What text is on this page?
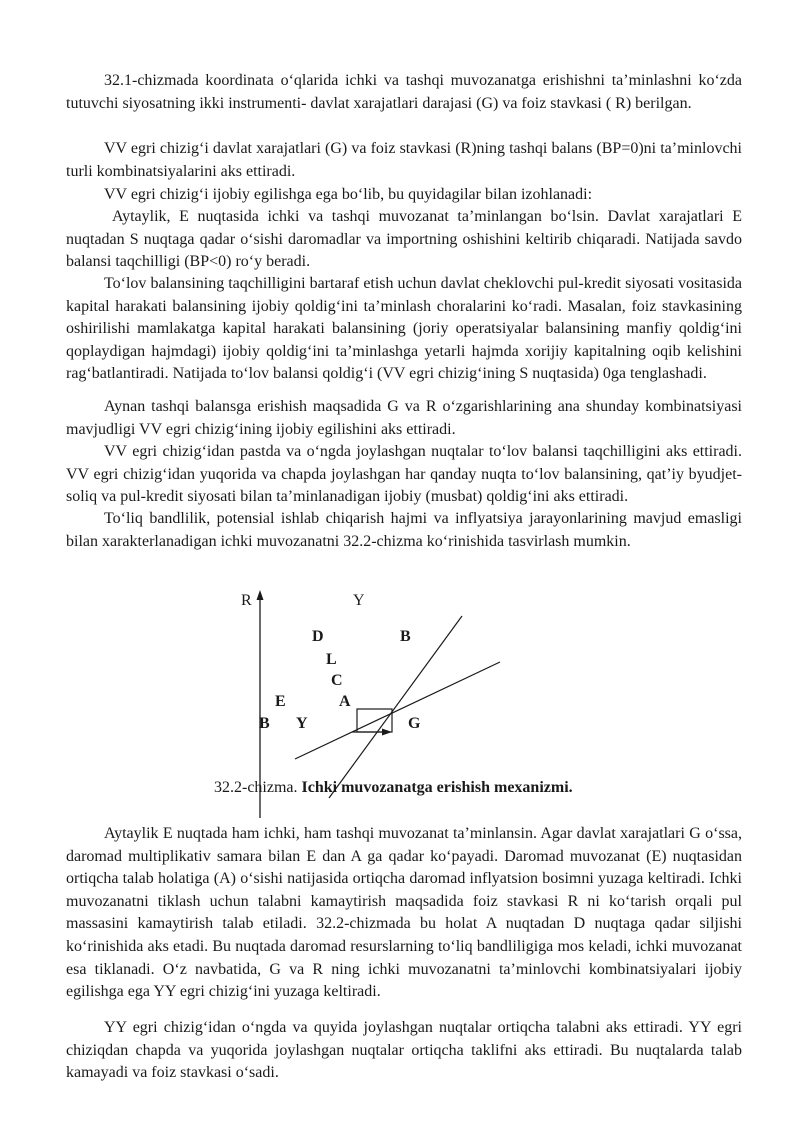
32.1-chizmada koordinata o‘qlarida ichki va tashqi muvozanatga erishishni ta’minlashni ko‘zda tutuvchi siyosatning ikki instrumenti- davlat xarajatlari darajasi (G) va foiz stavkasi ( R) berilgan.

VV egri chizig‘i davlat xarajatlari (G) va foiz stavkasi (R)ning tashqi balans (BP=0)ni ta’minlovchi turli kombinatsiyalarini aks ettiradi.

VV egri chizig‘i ijobiy egilishga ega bo‘lib, bu quyidagilar bilan izohlanadi:

Aytaylik, E nuqtasida ichki va tashqi muvozanat ta’minlangan bo‘lsin. Davlat xarajatlari E nuqtadan S nuqtaga qadar o‘sishi daromadlar va importning oshishini keltirib chiqaradi. Natijada savdo balansi taqchilligi (BP<0) ro‘y beradi.

To‘lov balansining taqchilligini bartaraf etish uchun davlat cheklovchi pul-kredit siyosati vositasida kapital harakati balansining ijobiy qoldig‘ini ta’minlash choralarini ko‘radi. Masalan, foiz stavkasining oshirilishi mamlakatga kapital harakati balansining (joriy operatsiyalar balansining manfiy qoldig‘ini qoplaydigan hajmdagi) ijobiy qoldig‘ini ta’minlashga yetarli hajmda xorijiy kapitalning oqib kelishini rag‘batlantiradi. Natijada to‘lov balansi qoldig‘i (VV egri chizig‘ining S nuqtasida) 0ga tenglashadi.

Aynan tashqi balansga erishish maqsadida G va R o‘zgarishlarining ana shunday kombinatsiyasi mavjudligi VV egri chizig‘ining ijobiy egilishini aks ettiradi.

VV egri chizig‘idan pastda va o‘ngda joylashgan nuqtalar to‘lov balansi taqchilligini aks ettiradi. VV egri chizig‘idan yuqorida va chapda joylashgan har qanday nuqta to‘lov balansining, qat’iy byudjet-soliq va pul-kredit siyosati bilan ta’minlanadigan ijobiy (musbat) qoldig‘ini aks ettiradi.

To‘liq bandlilik, potensial ishlab chiqarish hajmi va inflyatsiya jarayonlarining mavjud emasligi bilan xarakterlanadigan ichki muvozanatni 32.2-chizma ko‘rinishida tasvirlash mumkin.

R	Y
D	B
L
C
E	A
B Y	G
32.2-chizma. Ichki muvozanatga erishish mexanizmi.

Aytaylik E nuqtada ham ichki, ham tashqi muvozanat ta’minlansin. Agar davlat xarajatlari G o‘ssa, daromad multiplikativ samara bilan E dan A ga qadar ko‘payadi. Daromad muvozanat (E) nuqtasidan ortiqcha talab holatiga (A) o‘sishi natijasida ortiqcha daromad inflyatsion bosimni yuzaga keltiradi. Ichki muvozanatni tiklash uchun talabni kamaytirish maqsadida foiz stavkasi R ni ko‘tarish orqali pul massasini kamaytirish talab etiladi. 32.2-chizmada bu holat A nuqtadan D nuqtaga qadar siljishi ko‘rinishida aks etadi. Bu nuqtada daromad resurslarning to‘liq bandliligiga mos keladi, ichki muvozanat esa tiklanadi. O‘z navbatida, G va R ning ichki muvozanatni ta’minlovchi kombinatsiyalari ijobiy egilishga ega YY egri chizig‘ini yuzaga keltiradi.

YY egri chizig‘idan o‘ngda va quyida joylashgan nuqtalar ortiqcha talabni aks ettiradi. YY egri chiziqdan chapda va yuqorida joylashgan nuqtalar ortiqcha taklifni aks ettiradi. Bu nuqtalarda talab kamayadi va foiz stavkasi o‘sadi.
